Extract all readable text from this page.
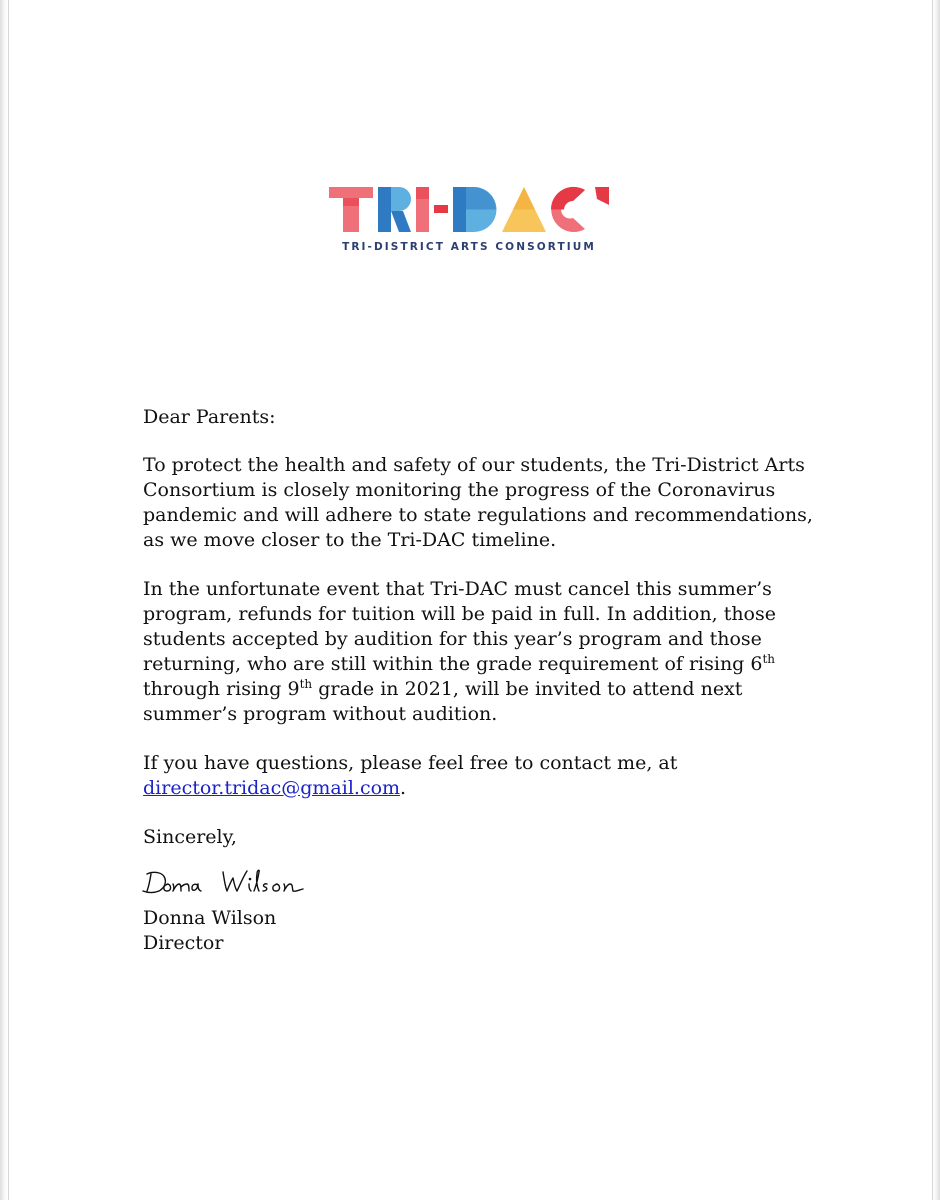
TRI-DISTRICT ARTS CONSORTIUM

Dear Parents:

To protect the health and safety of our students, the Tri-District Arts Consortium is closely monitoring the progress of the Coronavirus pandemic and will adhere to state regulations and recommendations, as we move closer to the Tri-DAC timeline.

In the unfortunate event that Tri-DAC must cancel this summer’s program, refunds for tuition will be paid in full. In addition, those students accepted by audition for this year’s program and those returning, who are still within the grade requirement of rising 6th through rising 9th grade in 2021, will be invited to attend next summer’s program without audition.

If you have questions, please feel free to contact me, at director.tridac@gmail.com.

Sincerely,

Donna Wilson
Director
